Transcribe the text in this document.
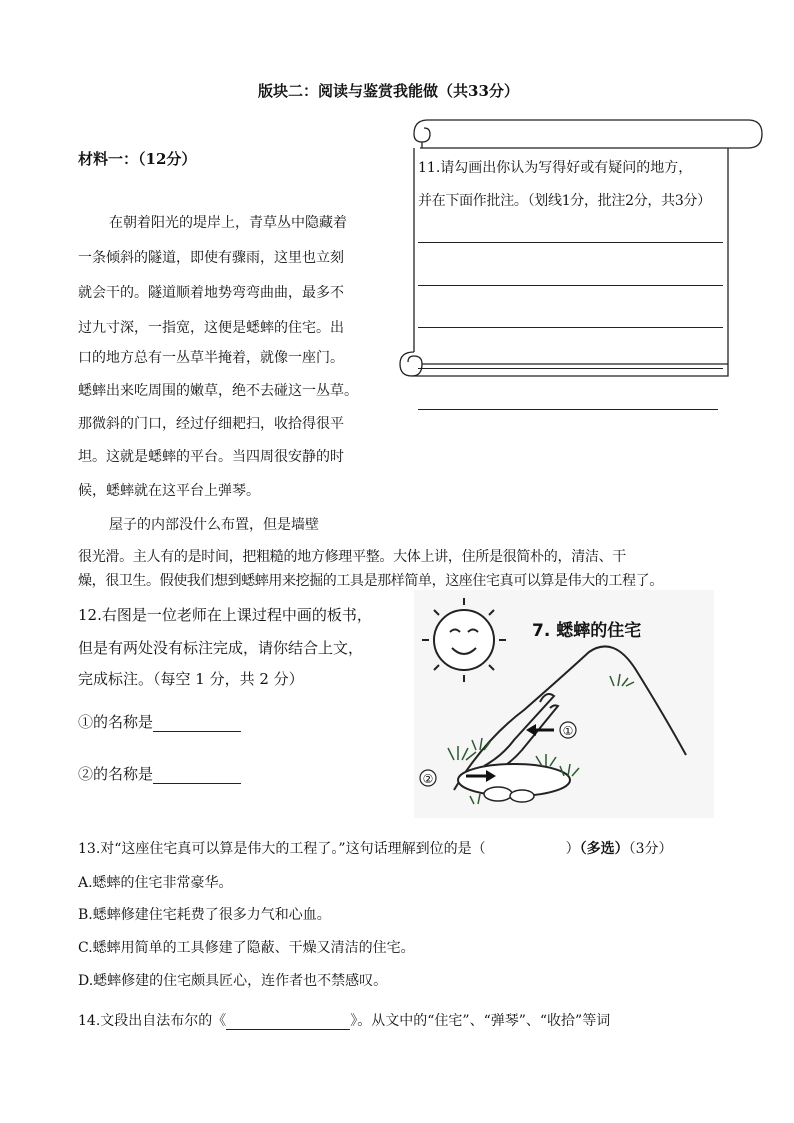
版块二：阅读与鉴赏我能做（共33分）
材料一：（12分）
在朝着阳光的堤岸上，青草丛中隐藏着
一条倾斜的隧道，即使有骤雨，这里也立刻
就会干的。隧道顺着地势弯弯曲曲，最多不
过九寸深，一指宽，这便是蟋蟀的住宅。出
口的地方总有一丛草半掩着，就像一座门。
蟋蟀出来吃周围的嫩草，绝不去碰这一丛草。
那微斜的门口，经过仔细耙扫，收拾得很平
坦。这就是蟋蟀的平台。当四周很安静的时
候，蟋蟀就在这平台上弹琴。
屋子的内部没什么布置，但是墙壁
很光滑。主人有的是时间，把粗糙的地方修理平整。大体上讲，住所是很简朴的，清洁、干
燥，很卫生。假使我们想到蟋蟀用来挖掘的工具是那样简单，这座住宅真可以算是伟大的工程了。
11.请勾画出你认为写得好或有疑问的地方，
并在下面作批注。（划线1分，批注2分，共3分）
12.右图是一位老师在上课过程中画的板书，
但是有两处没有标注完成，请你结合上文，
完成标注。（每空 1 分，共 2 分）
①的名称是
②的名称是
7. 蟋蟀的住宅
①
②
13.对“这座住宅真可以算是伟大的工程了。”这句话理解到位的是（	）（多选）（3分）
A.蟋蟀的住宅非常豪华。
B.蟋蟀修建住宅耗费了很多力气和心血。
C.蟋蟀用简单的工具修建了隐蔽、干燥又清洁的住宅。
D.蟋蟀修建的住宅颇具匠心，连作者也不禁感叹。
14.文段出自法布尔的《	》。从文中的“住宅”、“弹琴”、“收拾”等词
